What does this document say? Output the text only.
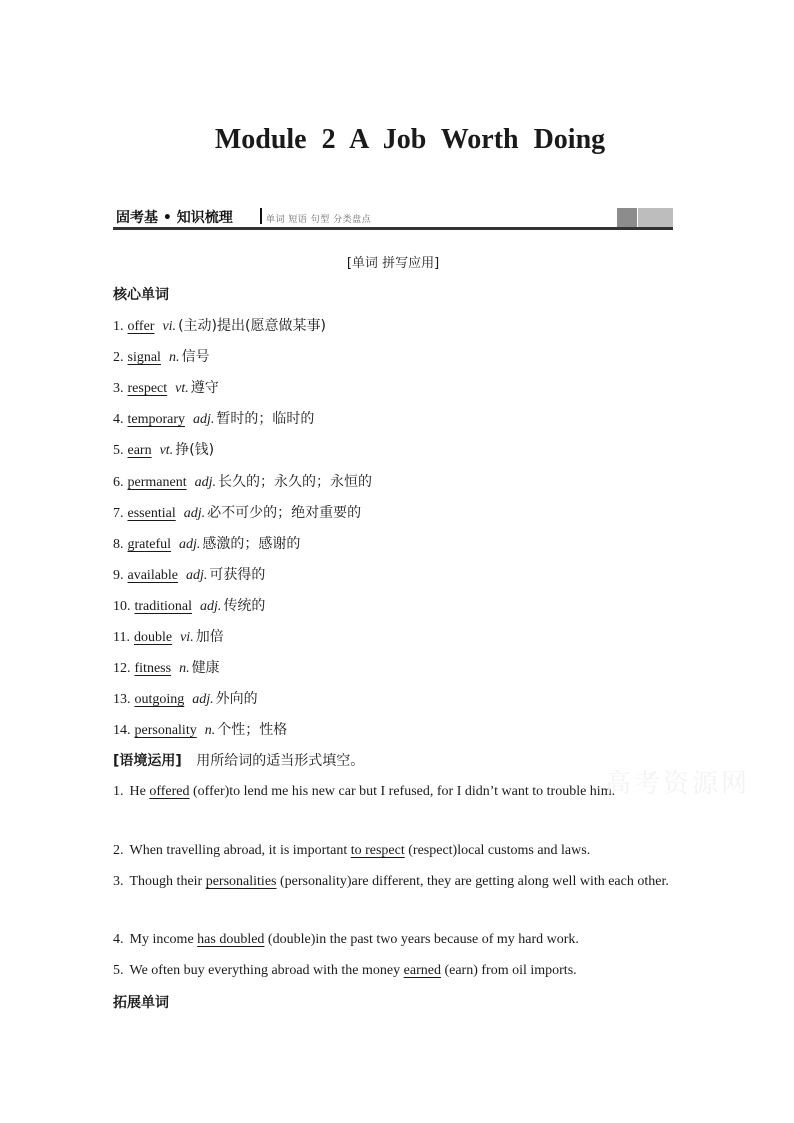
Module 2 A Job Worth Doing
固考基 • 知识梳理	单词 短语 句型 分类盘点
[单词 拼写应用]
核心单词
1. offer vi. (主动)提出(愿意做某事)
2. signal n. 信号
3. respect vt. 遵守
4. temporary adj. 暂时的；临时的
5. earn vt. 挣(钱)
6. permanent adj. 长久的；永久的；永恒的
7. essential adj. 必不可少的；绝对重要的
8. grateful adj. 感激的；感谢的
9. available adj. 可获得的
10. traditional adj. 传统的
11. double vi. 加倍
12. fitness n. 健康
13. outgoing adj. 外向的
14. personality n. 个性；性格
[语境运用] 用所给词的适当形式填空。
1. He offered (offer)to lend me his new car but I refused, for I didn’t want to trouble him.
2. When travelling abroad, it is important to respect (respect)local customs and laws.
3. Though their personalities (personality)are different, they are getting along well with each other.
4. My income has doubled (double)in the past two years because of my hard work.
5. We often buy everything abroad with the money earned (earn) from oil imports.
拓展单词
高考资源网
